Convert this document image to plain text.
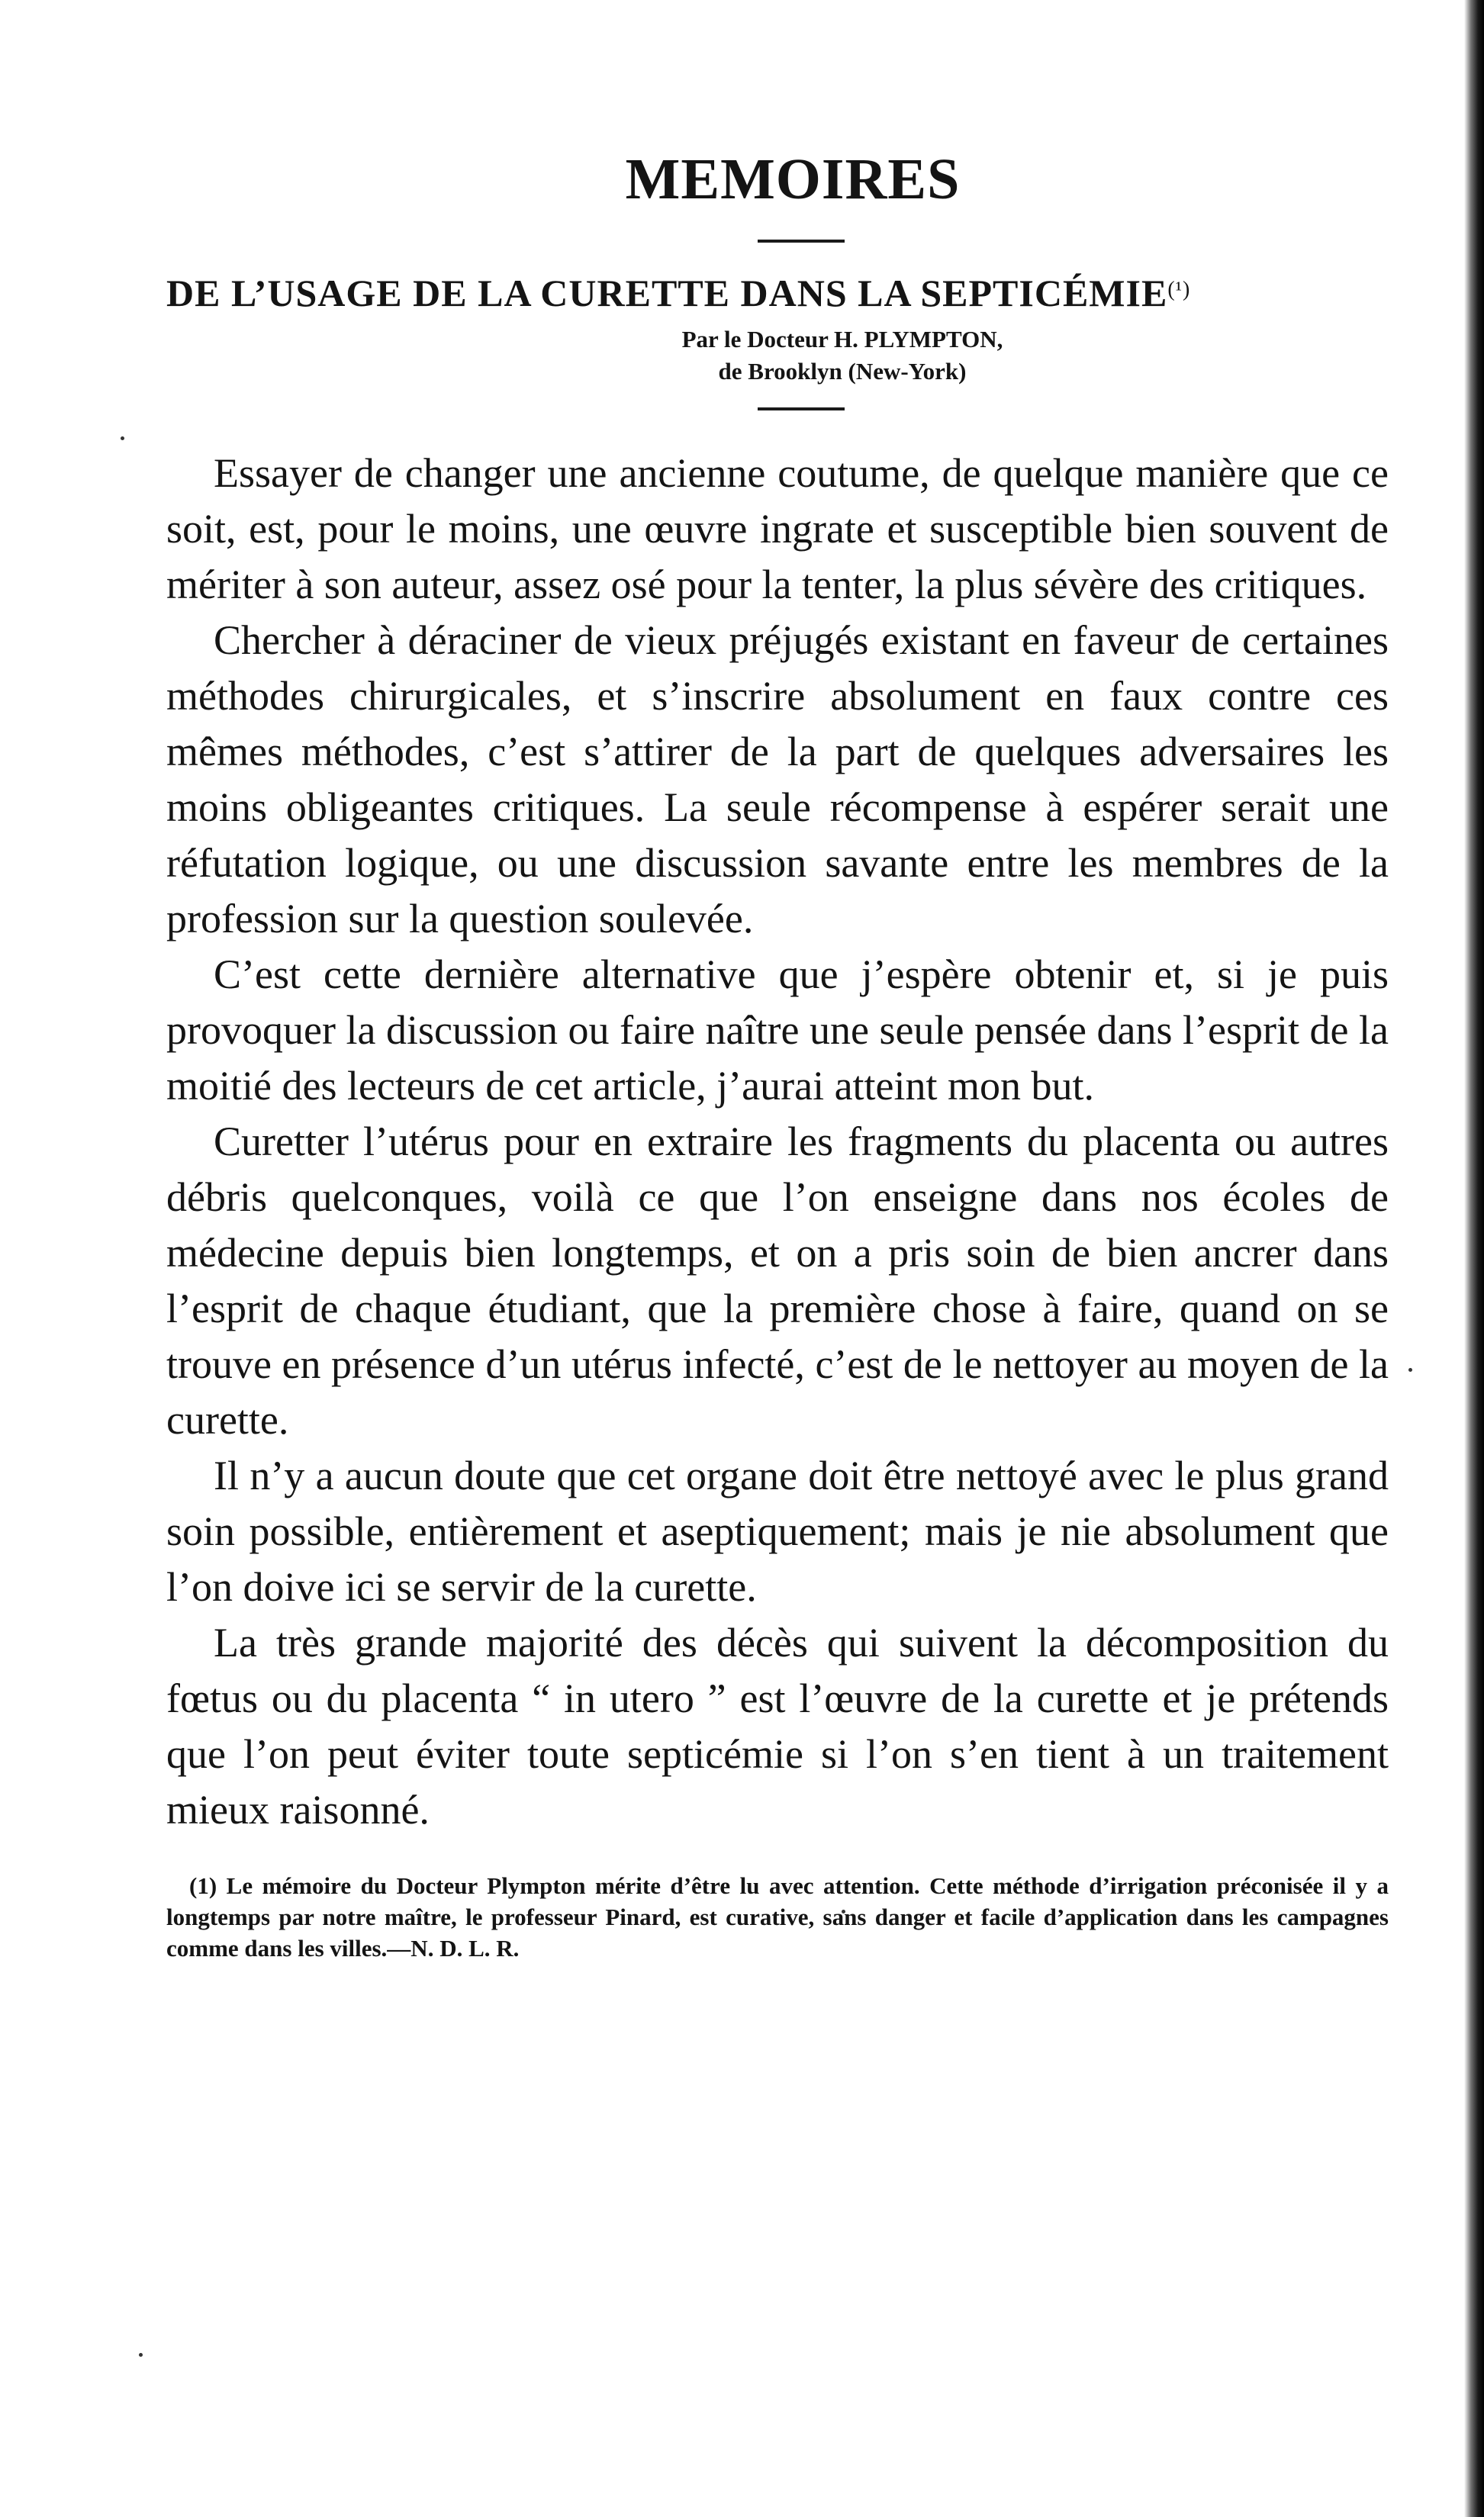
MEMOIRES
DE L’USAGE DE LA CURETTE DANS LA $SEPTICÉMIE^{(^1)}$
Par le Docteur H. PLYMPTON,
de Brooklyn (New-York)

Essayer de changer une ancienne coutume, de quelque manière que ce soit, est, pour le moins, une œuvre ingrate et susceptible bien souvent de mériter à son auteur, assez osé pour la tenter, la plus sévère des critiques.

Chercher à déraciner de vieux préjugés existant en faveur de certaines méthodes chirurgicales, et s’inscrire absolument en faux contre ces mêmes méthodes, c’est s’attirer de la part de quelques adversaires les moins obligeantes critiques. La seule récompense à espérer serait une réfutation logique, ou une discussion savante entre les membres de la profession sur la question soulevée.

C’est cette dernière alternative que j’espère obtenir et, si je puis provoquer la discussion ou faire naître une seule pensée dans l’esprit de la moitié des lecteurs de cet article, j’aurai atteint mon but.

Curetter l’utérus pour en extraire les fragments du placenta ou autres débris quelconques, voilà ce que l’on enseigne dans nos écoles de médecine depuis bien longtemps, et on a pris soin de bien ancrer dans l’esprit de chaque étudiant, que la première chose à faire, quand on se trouve en présence d’un utérus infecté, c’est de le nettoyer au moyen de la curette.

Il n’y a aucun doute que cet organe doit être nettoyé avec le plus grand soin possible, entièrement et aseptiquement; mais je nie absolument que l’on doive ici se servir de la curette.

La très grande majorité des décès qui suivent la décomposition du fœtus ou du placenta “ in utero ” est l’œuvre de la curette et je prétends que l’on peut éviter toute septicémie si l’on s’en tient à un traitement mieux raisonné.

(1) Le mémoire du Docteur Plympton mérite d’être lu avec attention. Cette méthode d’irrigation préconisée il y a longtemps par notre maître, le professeur Pinard, est curative, sans danger et facile d’application dans les campagnes comme dans les villes.—N. D. L. R.
